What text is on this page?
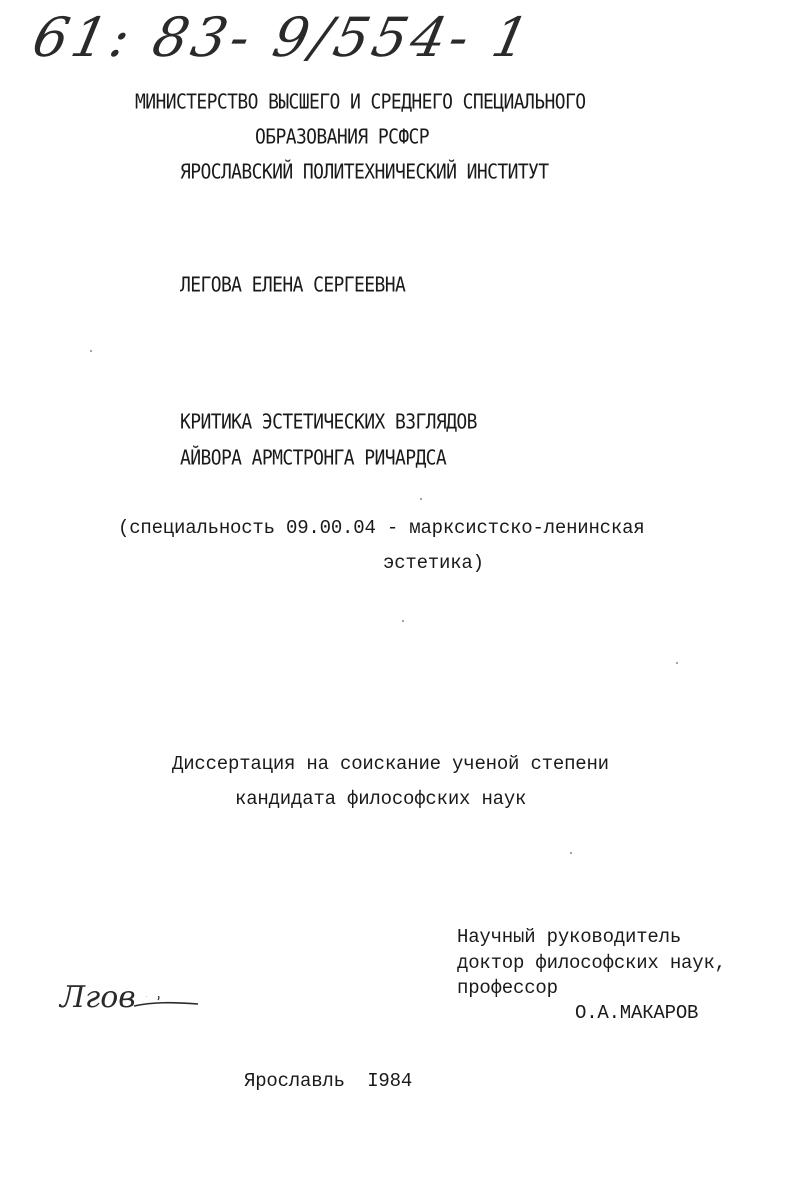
61: 83- 9/554- 1
МИНИСТЕРСТВО ВЫСШЕГО И СРЕДНЕГО СПЕЦИАЛЬНОГО
ОБРАЗОВАНИЯ РСФСР
ЯРОСЛАВСКИЙ ПОЛИТЕХНИЧЕСКИЙ ИНСТИТУТ
ЛЕГОВА ЕЛЕНА СЕРГЕЕВНА
КРИТИКА ЭСТЕТИЧЕСКИХ ВЗГЛЯДОВ
АЙВОРА АРМСТРОНГА РИЧАРДСА
(специальность 09.00.04 - марксистско-ленинская
эстетика)
Диссертация на соискание ученой степени
кандидата философских наук
Научный руководитель
доктор философских наук,
профессор
О.А.МАКАРОВ
Лгов
Ярославль I984
